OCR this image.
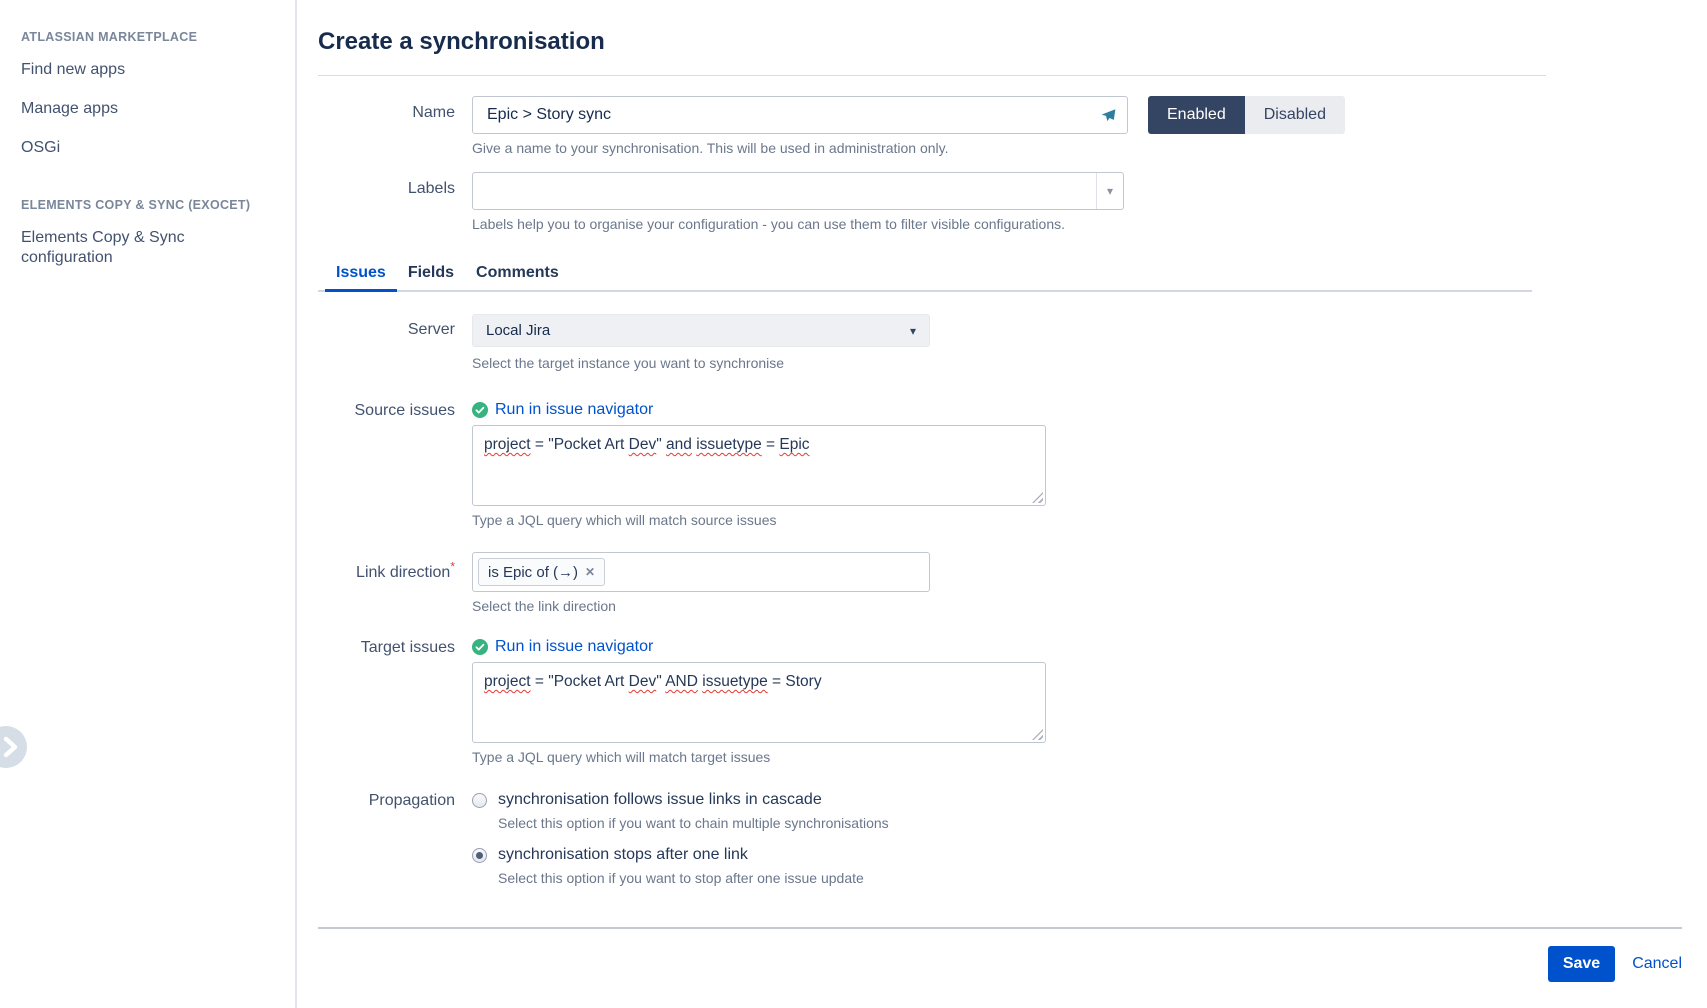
ATLASSIAN MARKETPLACE
Find new apps
Manage apps
OSGi
ELEMENTS COPY & SYNC (EXOCET)
Elements Copy & Sync configuration
Create a synchronisation
Name
Epic > Story sync	Enabled	Disabled

Give a name to your synchronisation. This will be used in administration only.

Labels	▾

Labels help you to organise your configuration - you can use them to filter visible configurations.

Issues	Fields	Comments
Server Local Jira	▾

Select the target instance you want to synchronise

Source issues	Run in issue navigator
project = "Pocket Art Dev" and issuetype = Epic

Type a JQL query which will match source issues

Link direction* is Epic of (→) ✕

Select the link direction

Target issues	Run in issue navigator
project = "Pocket Art Dev" AND issuetype = Story

Type a JQL query which will match target issues

Propagation	synchronisation follows issue links in cascade

Select this option if you want to chain multiple synchronisations

synchronisation stops after one link

Select this option if you want to stop after one issue update

Save	Cancel
